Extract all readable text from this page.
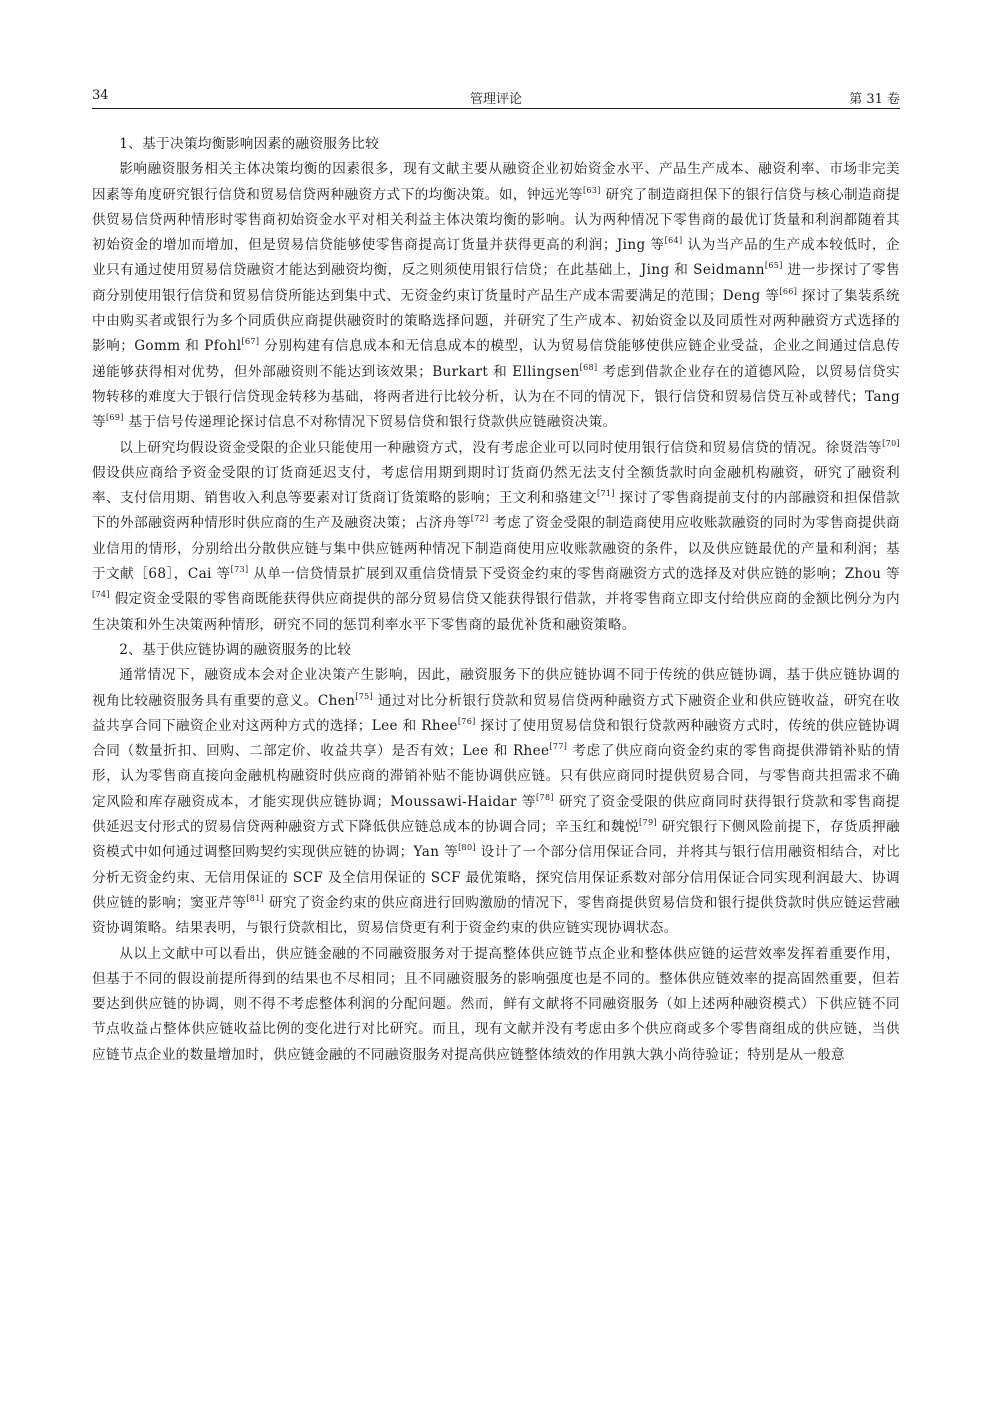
34	管理评论	第 31 卷
1、基于决策均衡影响因素的融资服务比较

影响融资服务相关主体决策均衡的因素很多，现有文献主要从融资企业初始资金水平、产品生产成本、融资利率、市场非完美因素等角度研究银行信贷和贸易信贷两种融资方式下的均衡决策。如，钟远光等[63] 研究了制造商担保下的银行信贷与核心制造商提供贸易信贷两种情形时零售商初始资金水平对相关利益主体决策均衡的影响。认为两种情况下零售商的最优订货量和利润都随着其初始资金的增加而增加，但是贸易信贷能够使零售商提高订货量并获得更高的利润；Jing 等[64] 认为当产品的生产成本较低时，企业只有通过使用贸易信贷融资才能达到融资均衡，反之则须使用银行信贷；在此基础上，Jing 和 Seidmann[65] 进一步探讨了零售商分别使用银行信贷和贸易信贷所能达到集中式、无资金约束订货量时产品生产成本需要满足的范围；Deng 等[66] 探讨了集装系统中由购买者或银行为多个同质供应商提供融资时的策略选择问题，并研究了生产成本、初始资金以及同质性对两种融资方式选择的影响；Gomm 和 Pfohl[67] 分别构建有信息成本和无信息成本的模型，认为贸易信贷能够使供应链企业受益，企业之间通过信息传递能够获得相对优势，但外部融资则不能达到该效果；Burkart 和 Ellingsen[68] 考虑到借款企业存在的道德风险，以贸易信贷实物转移的难度大于银行信贷现金转移为基础，将两者进行比较分析，认为在不同的情况下，银行信贷和贸易信贷互补或替代；Tang 等[69] 基于信号传递理论探讨信息不对称情况下贸易信贷和银行贷款供应链融资决策。

以上研究均假设资金受限的企业只能使用一种融资方式，没有考虑企业可以同时使用银行信贷和贸易信贷的情况。徐贤浩等[70] 假设供应商给予资金受限的订货商延迟支付，考虑信用期到期时订货商仍然无法支付全额货款时向金融机构融资，研究了融资利率、支付信用期、销售收入利息等要素对订货商订货策略的影响；王文利和骆建文[71] 探讨了零售商提前支付的内部融资和担保借款下的外部融资两种情形时供应商的生产及融资决策；占济舟等[72] 考虑了资金受限的制造商使用应收账款融资的同时为零售商提供商业信用的情形，分别给出分散供应链与集中供应链两种情况下制造商使用应收账款融资的条件，以及供应链最优的产量和利润；基于文献［68］，Cai 等[73] 从单一信贷情景扩展到双重信贷情景下受资金约束的零售商融资方式的选择及对供应链的影响；Zhou 等[74] 假定资金受限的零售商既能获得供应商提供的部分贸易信贷又能获得银行借款，并将零售商立即支付给供应商的金额比例分为内生决策和外生决策两种情形，研究不同的惩罚利率水平下零售商的最优补货和融资策略。

2、基于供应链协调的融资服务的比较

通常情况下，融资成本会对企业决策产生影响，因此，融资服务下的供应链协调不同于传统的供应链协调，基于供应链协调的视角比较融资服务具有重要的意义。Chen[75] 通过对比分析银行贷款和贸易信贷两种融资方式下融资企业和供应链收益，研究在收益共享合同下融资企业对这两种方式的选择；Lee 和 Rhee[76] 探讨了使用贸易信贷和银行贷款两种融资方式时，传统的供应链协调合同（数量折扣、回购、二部定价、收益共享）是否有效；Lee 和 Rhee[77] 考虑了供应商向资金约束的零售商提供滞销补贴的情形，认为零售商直接向金融机构融资时供应商的滞销补贴不能协调供应链。只有供应商同时提供贸易合同，与零售商共担需求不确定风险和库存融资成本，才能实现供应链协调；Moussawi-Haidar 等[78] 研究了资金受限的供应商同时获得银行贷款和零售商提供延迟支付形式的贸易信贷两种融资方式下降低供应链总成本的协调合同；辛玉红和魏悦[79] 研究银行下侧风险前提下，存货质押融资模式中如何通过调整回购契约实现供应链的协调；Yan 等[80] 设计了一个部分信用保证合同，并将其与银行信用融资相结合，对比分析无资金约束、无信用保证的 SCF 及全信用保证的 SCF 最优策略，探究信用保证系数对部分信用保证合同实现利润最大、协调供应链的影响；窦亚芹等[81] 研究了资金约束的供应商进行回购激励的情况下，零售商提供贸易信贷和银行提供贷款时供应链运营融资协调策略。结果表明，与银行贷款相比，贸易信贷更有利于资金约束的供应链实现协调状态。

从以上文献中可以看出，供应链金融的不同融资服务对于提高整体供应链节点企业和整体供应链的运营效率发挥着重要作用，但基于不同的假设前提所得到的结果也不尽相同；且不同融资服务的影响强度也是不同的。整体供应链效率的提高固然重要，但若要达到供应链的协调，则不得不考虑整体利润的分配问题。然而，鲜有文献将不同融资服务（如上述两种融资模式）下供应链不同节点收益占整体供应链收益比例的变化进行对比研究。而且，现有文献并没有考虑由多个供应商或多个零售商组成的供应链，当供应链节点企业的数量增加时，供应链金融的不同融资服务对提高供应链整体绩效的作用孰大孰小尚待验证；特别是从一般意
